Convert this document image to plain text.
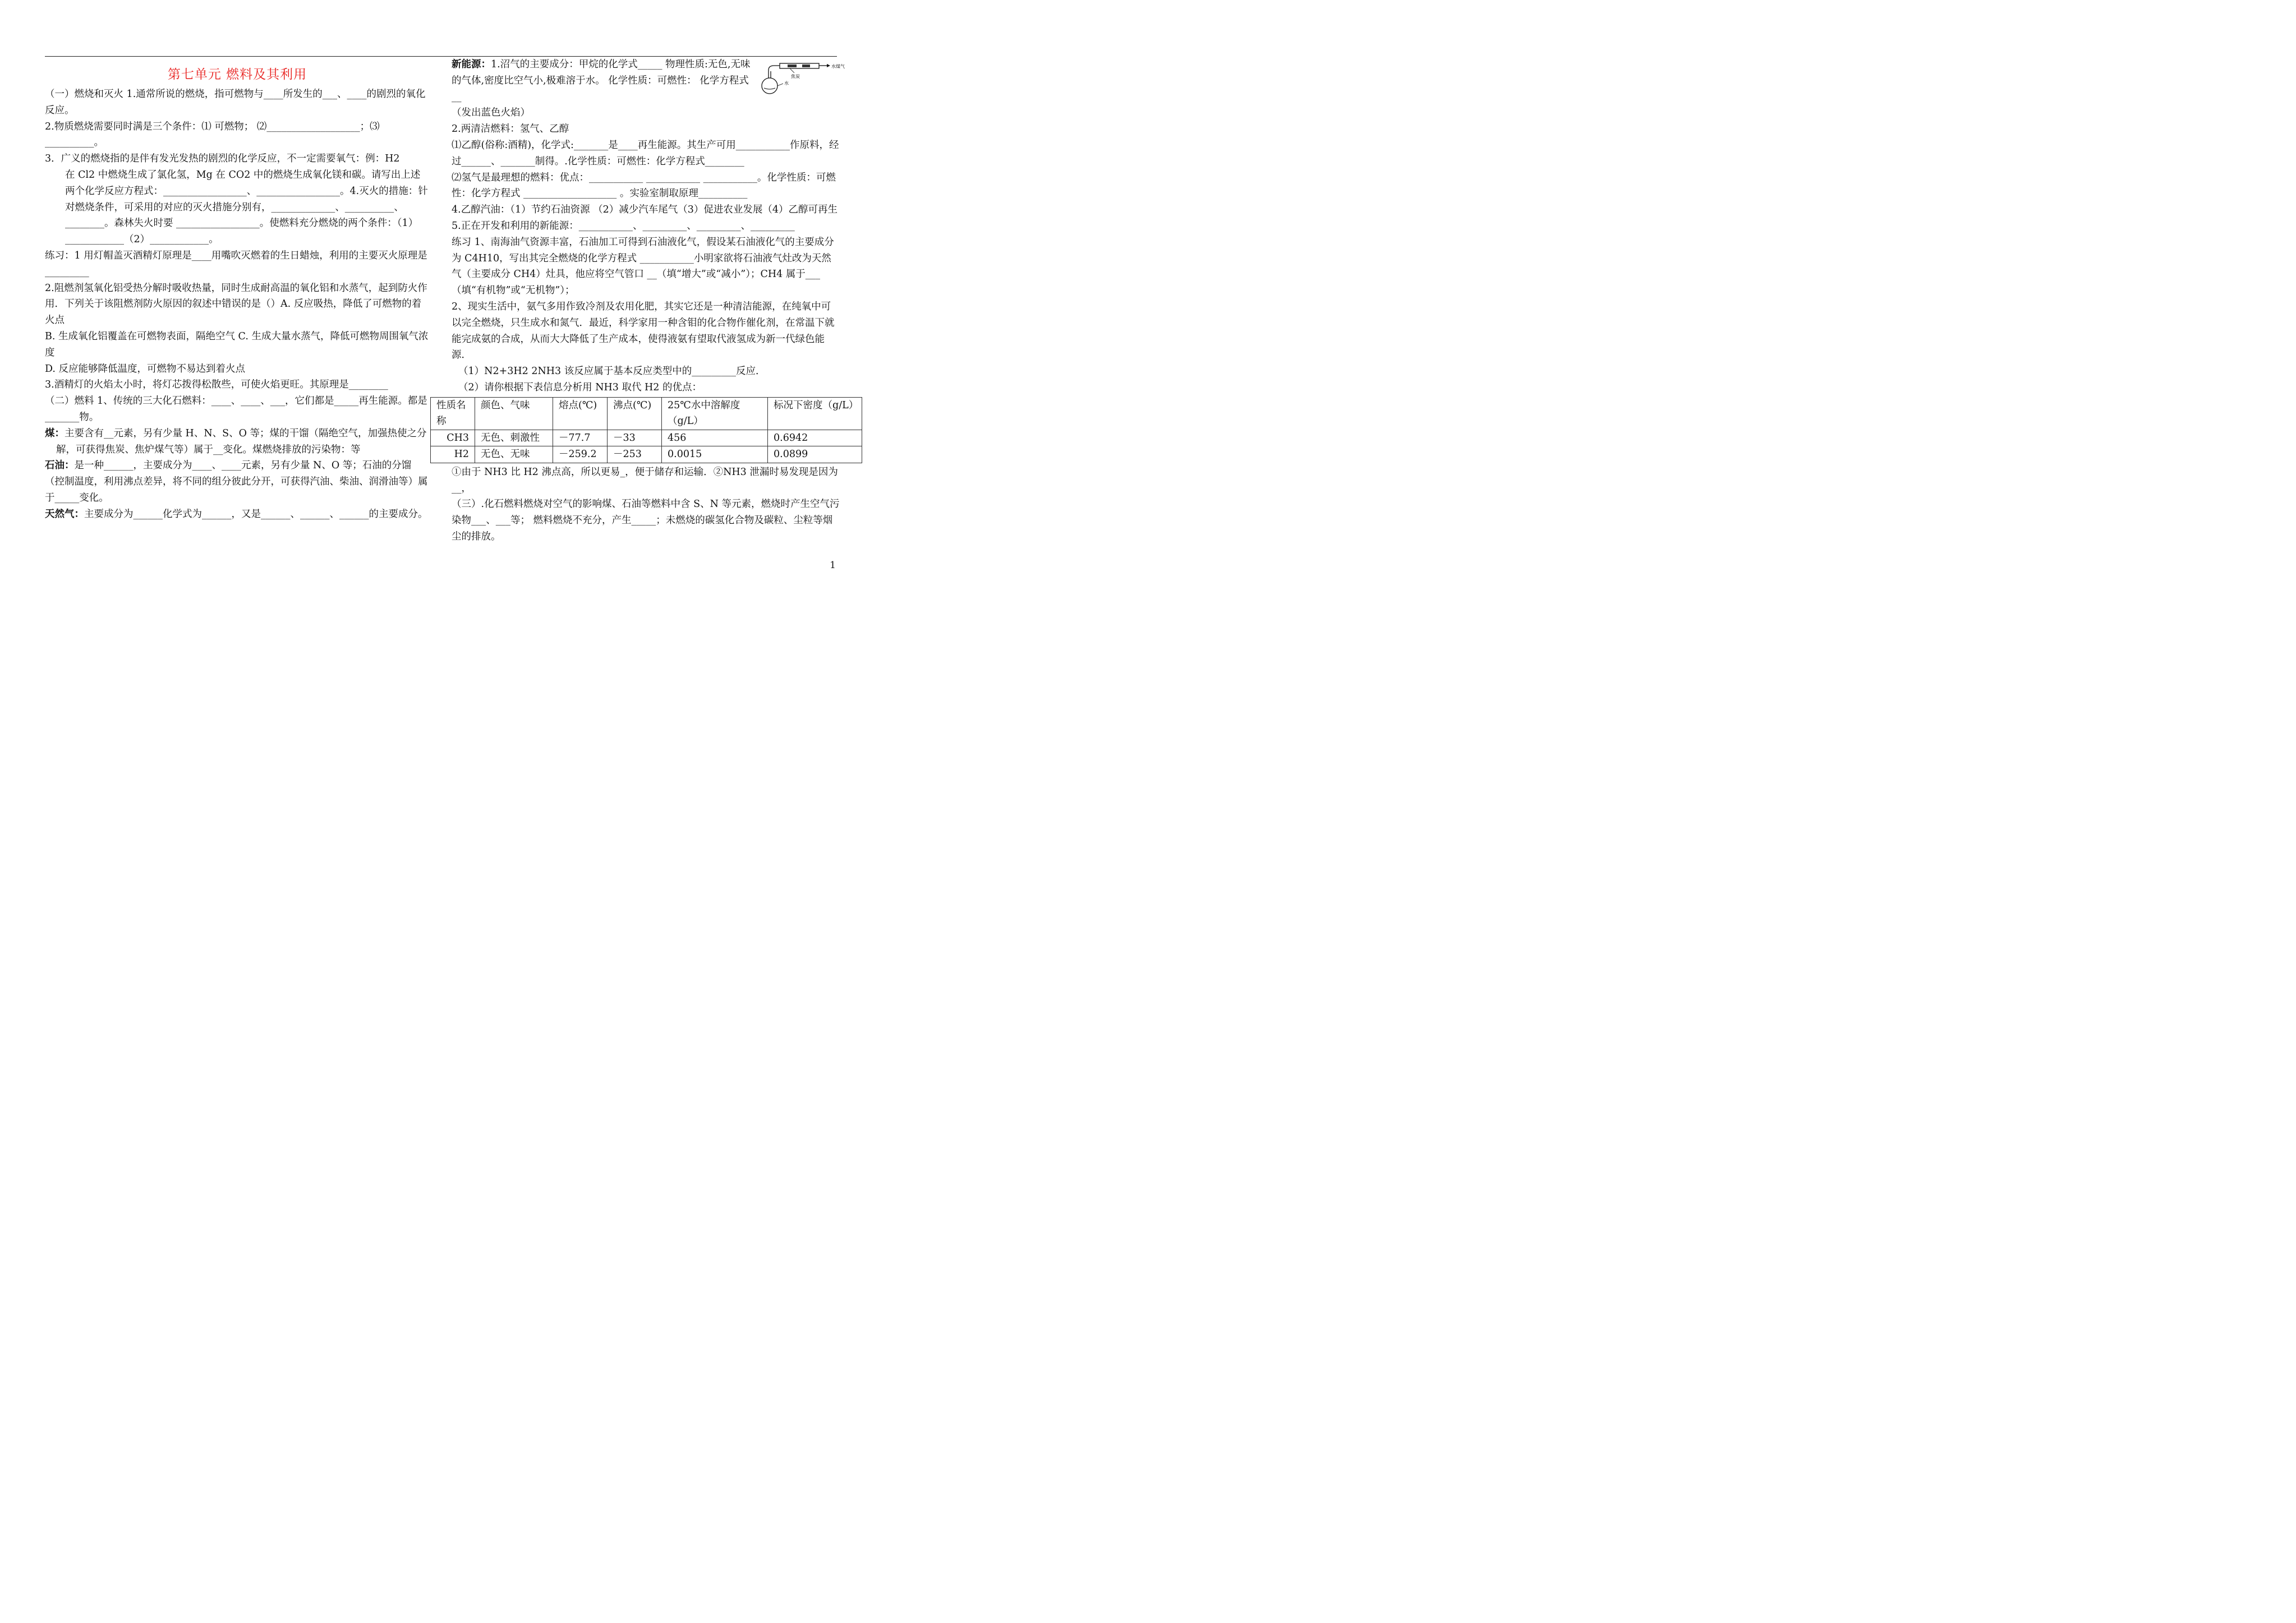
第七单元 燃料及其利用

（一）燃烧和灭火 1.通常所说的燃烧，指可燃物与____所发生的___、____的剧烈的氧化反应。

2.物质燃烧需要同时满是三个条件：⑴ 可燃物； ⑵___________________；⑶ __________。

3．广义的燃烧指的是伴有发光发热的剧烈的化学反应，不一定需要氧气：例：H2

在 Cl2 中燃烧生成了氯化氢，Mg 在 CO2 中的燃烧生成氧化镁和碳。请写出上述两个化学反应方程式：_________________、_________________。4.灭火的措施：针对燃烧条件，可采用的对应的灭火措施分别有，_____________、__________、________。森林失火时要 _________________。使燃料充分燃烧的两个条件：（1）____________（2）____________。

练习：1 用灯帽盖灭酒精灯原理是____用嘴吹灭燃着的生日蜡烛，利用的主要灭火原理是_________

2.阻燃剂氢氧化铝受热分解时吸收热量，同时生成耐高温的氧化铝和水蒸气，起到防火作用．下列关于该阻燃剂防火原因的叙述中错误的是（）A. 反应吸热，降低了可燃物的着火点

B. 生成氧化铝覆盖在可燃物表面，隔绝空气 C. 生成大量水蒸气，降低可燃物周围氧气浓度

D. 反应能够降低温度，可燃物不易达到着火点

3.酒精灯的火焰太小时，将灯芯拨得松散些，可使火焰更旺。其原理是________

（二）燃料 1、传统的三大化石燃料：____、____、___，它们都是_____再生能源。都是_______物。

煤：主要含有__元素，另有少量 H、N、S、O 等；煤的干馏（隔绝空气，加强热使之分解，可获得焦炭、焦炉煤气等）属于__变化。煤燃烧排放的污染物：等

石油：是一种______，主要成分为____、____元素，另有少量 N、O 等；石油的分馏（控制温度，利用沸点差异，将不同的组分彼此分开，可获得汽油、柴油、润滑油等）属于_____变化。

天然气：主要成分为______化学式为______，又是______、______、______的主要成分。

水煤气
焦炭
水

新能源：1.沼气的主要成分：甲烷的化学式_____ 物理性质:无色,无味的气体,密度比空气小,极难溶于水。 化学性质：可燃性： 化学方程式 __

（发出蓝色火焰）

2.两清洁燃料：氢气、乙醇

⑴乙醇(俗称:酒精)，化学式:_______是____再生能源。其生产可用___________作原料，经过______、_______制得。.化学性质：可燃性：化学方程式________

⑵氢气是最理想的燃料：优点：___________ ___________ ___________。化学性质：可燃性：化学方程式 ___________________ 。实验室制取原理__________

4.乙醇汽油：（1）节约石油资源 （2）减少汽车尾气（3）促进农业发展（4）乙醇可再生

5.正在开发和利用的新能源：___________、_________、_________、_________

练习 1、南海油气资源丰富，石油加工可得到石油液化气，假设某石油液化气的主要成分为 C4H10，写出其完全燃烧的化学方程式 ___________小明家欲将石油液气灶改为天然气（主要成分 CH4）灶具，他应将空气管口 __（填“增大”或“减小”）；CH4 属于___（填“有机物”或“无机物”）；

2、现实生活中，氨气多用作致冷剂及农用化肥，其实它还是一种清洁能源，在纯氧中可以完全燃烧，只生成水和氮气．最近，科学家用一种含钼的化合物作催化剂，在常温下就能完成氨的合成，从而大大降低了生产成本，使得液氨有望取代液氢成为新一代绿色能源．

（1）N2+3H2 2NH3 该反应属于基本反应类型中的_________反应．

（2）请你根据下表信息分析用 NH3 取代 H2 的优点：

性质名称	颜色、气味	熔点(℃)	沸点(℃)	25℃水中溶解度（g/L）	标况下密度（g/L）
CH3	无色、刺激性	－77.7	－33	456	0.6942
H2	无色、无味	－259.2	－253	0.0015	0.0899

①由于 NH3 比 H2 沸点高，所以更易_，便于储存和运输．②NH3 泄漏时易发现是因为__，

（三）.化石燃料燃烧对空气的影响煤、石油等燃料中含 S、N 等元素，燃烧时产生空气污染物___、___等； 燃料燃烧不充分，产生_____；未燃烧的碳氢化合物及碳粒、尘粒等烟尘的排放。

1
